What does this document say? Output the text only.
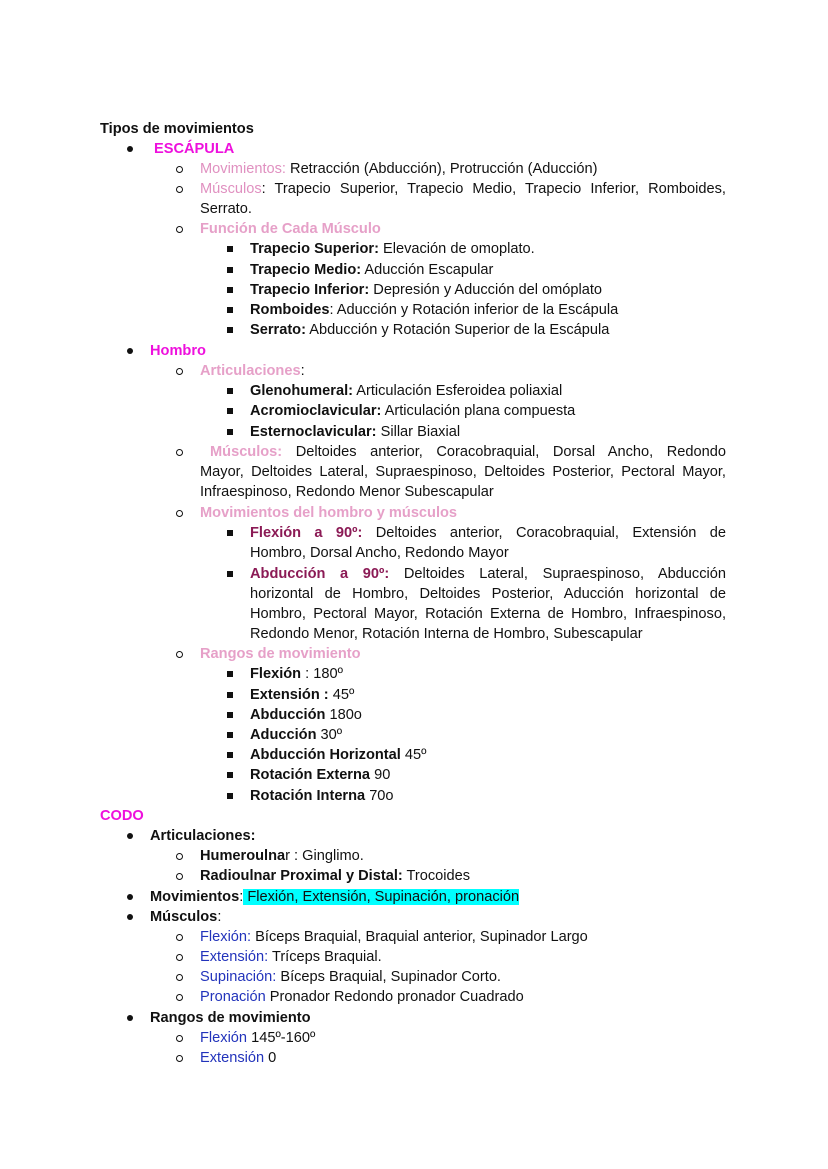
Tipos de movimientos
ESCÁPULA
Movimientos: Retracción (Abducción), Protrucción (Aducción)
Músculos: Trapecio Superior, Trapecio Medio, Trapecio Inferior, Romboides,
Serrato.
Función de Cada Músculo
Trapecio Superior: Elevación de omoplato.
Trapecio Medio: Aducción Escapular
Trapecio Inferior: Depresión y Aducción del omóplato
Romboides: Aducción y Rotación inferior de la Escápula
Serrato: Abducción y Rotación Superior de la Escápula
Hombro
Articulaciones:
Glenohumeral: Articulación Esferoidea poliaxial
Acromioclavicular: Articulación plana compuesta
Esternoclavicular: Sillar Biaxial
Músculos: Deltoides anterior, Coracobraquial, Dorsal Ancho, Redondo
Mayor, Deltoides Lateral, Supraespinoso, Deltoides Posterior, Pectoral Mayor,
Infraespinoso, Redondo Menor Subescapular
Movimientos del hombro y músculos
Flexión a 90º: Deltoides anterior, Coracobraquial, Extensión de
Hombro, Dorsal Ancho, Redondo Mayor
Abducción a 90º: Deltoides Lateral, Supraespinoso, Abducción
horizontal de Hombro, Deltoides Posterior, Aducción horizontal de
Hombro, Pectoral Mayor, Rotación Externa de Hombro, Infraespinoso,
Redondo Menor, Rotación Interna de Hombro, Subescapular
Rangos de movimiento
Flexión : 180º
Extensión : 45º
Abducción 180o
Aducción 30º
Abducción Horizontal 45º
Rotación Externa 90
Rotación Interna 70o
CODO
Articulaciones:
Humeroulnar : Ginglimo.
Radioulnar Proximal y Distal: Trocoides
Movimientos: Flexión, Extensión, Supinación, pronación
Músculos:
Flexión: Bíceps Braquial, Braquial anterior, Supinador Largo
Extensión: Tríceps Braquial.
Supinación: Bíceps Braquial, Supinador Corto.
Pronación Pronador Redondo pronador Cuadrado
Rangos de movimiento
Flexión 145º-160º
Extensión 0
